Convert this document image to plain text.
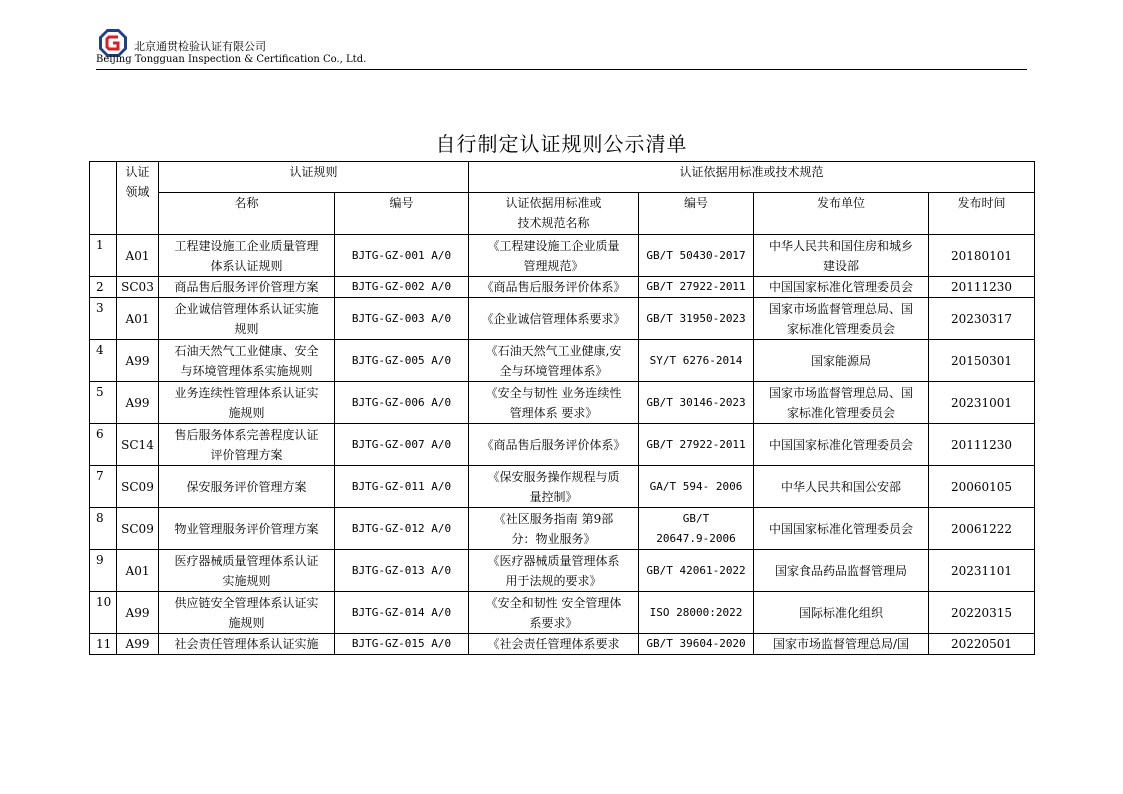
北京通贯检验认证有限公司
Beijing Tongguan Inspection & Certification Co., Ltd.
自行制定认证规则公示清单
	认证
领域	认证规则		认证依据用标准或技术规范			
		名称	编号	认证依据用标准或
技术规范名称	编号	发布单位	发布时间
1	A01	工程建设施工企业质量管理
体系认证规则	BJTG-GZ-001 A/0	《工程建设施工企业质量
管理规范》	GB/T 50430-2017	中华人民共和国住房和城乡
建设部	20180101
2	SC03	商品售后服务评价管理方案	BJTG-GZ-002 A/0	《商品售后服务评价体系》	GB/T 27922-2011	中国国家标准化管理委员会	20111230
3	A01	企业诚信管理体系认证实施
规则	BJTG-GZ-003 A/0	《企业诚信管理体系要求》	GB/T 31950-2023	国家市场监督管理总局、国
家标准化管理委员会	20230317
4	A99	石油天然气工业健康、安全
与环境管理体系实施规则	BJTG-GZ-005 A/0	《石油天然气工业健康,安
全与环境管理体系》	SY/T 6276-2014	国家能源局	20150301
5	A99	业务连续性管理体系认证实
施规则	BJTG-GZ-006 A/0	《安全与韧性 业务连续性
管理体系 要求》	GB/T 30146-2023	国家市场监督管理总局、国
家标准化管理委员会	20231001
6	SC14	售后服务体系完善程度认证
评价管理方案	BJTG-GZ-007 A/0	《商品售后服务评价体系》	GB/T 27922-2011	中国国家标准化管理委员会	20111230
7	SC09	保安服务评价管理方案	BJTG-GZ-011 A/0	《保安服务操作规程与质
量控制》	GA/T 594- 2006	中华人民共和国公安部	20060105
8	SC09	物业管理服务评价管理方案	BJTG-GZ-012 A/0	《社区服务指南 第9部
分：物业服务》	GB/T
20647.9-2006	中国国家标准化管理委员会	20061222
9	A01	医疗器械质量管理体系认证
实施规则	BJTG-GZ-013 A/0	《医疗器械质量管理体系
用于法规的要求》	GB/T 42061-2022	国家食品药品监督管理局	20231101
10	A99	供应链安全管理体系认证实
施规则	BJTG-GZ-014 A/0	《安全和韧性 安全管理体
系要求》	ISO 28000:2022	国际标准化组织	20220315
11	A99	社会责任管理体系认证实施	BJTG-GZ-015 A/0	《社会责任管理体系要求	GB/T 39604-2020	国家市场监督管理总局/国	20220501
